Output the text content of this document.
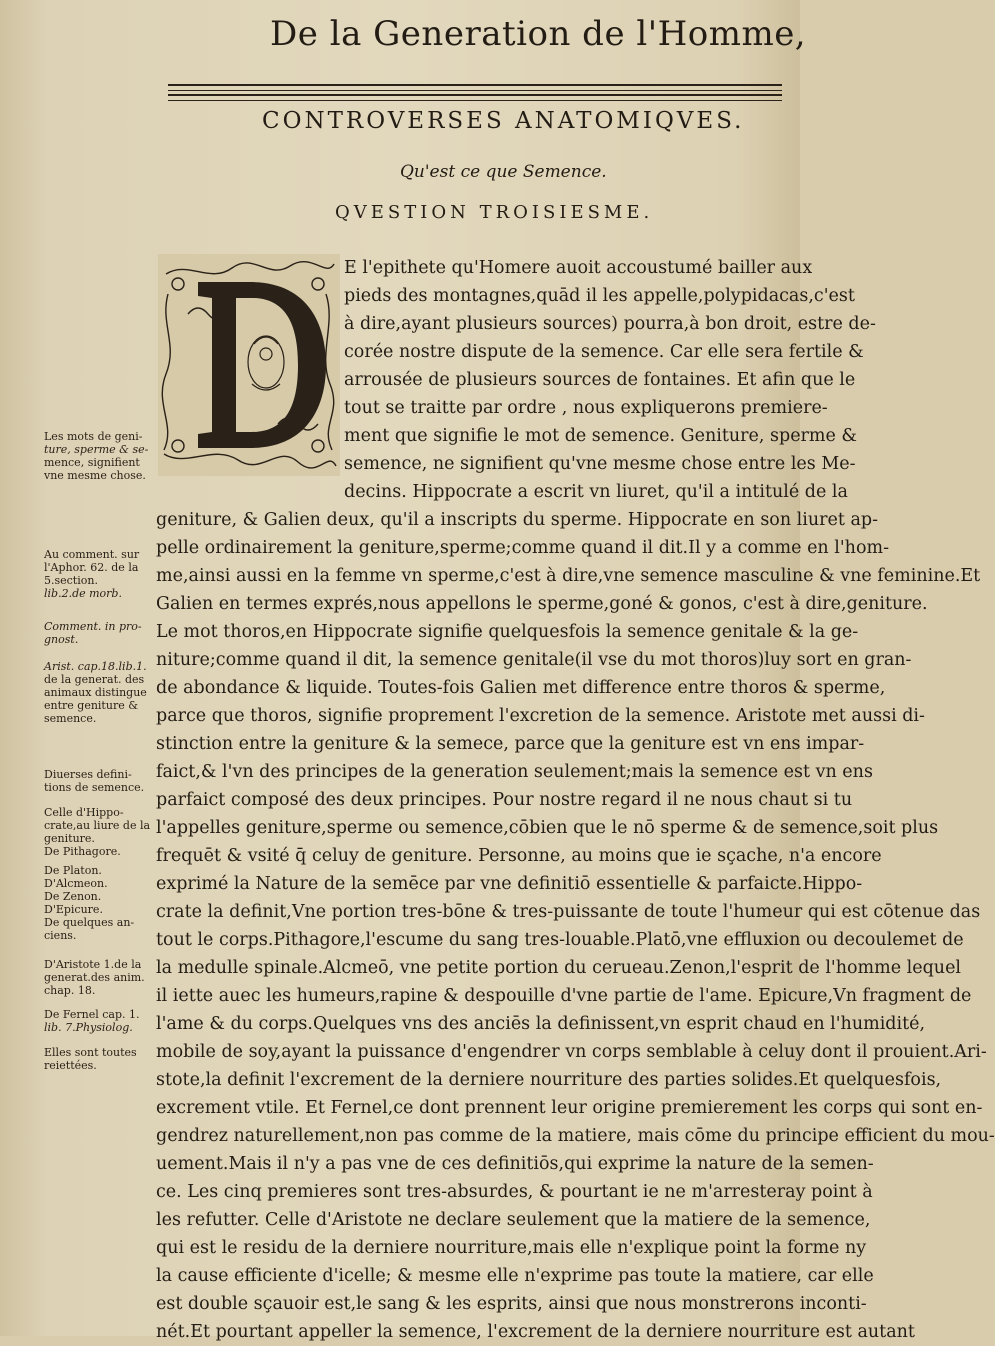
De la Generation de l'Homme,
CONTROVERSES ANATOMIQVES.
Qu'est ce que Semence.
QVESTION TROISIESME.
E l'epithete qu'Homere auoit accoustumé bailler aux
pieds des montagnes,quād il les appelle,polypidacas,c'est
à dire,ayant plusieurs sources) pourra,à bon droit, estre de-
corée nostre dispute de la semence. Car elle sera fertile &
arrousée de plusieurs sources de fontaines. Et afin que le
tout se traitte par ordre , nous expliquerons premiere-
ment que signifie le mot de semence. Geniture, sperme &
semence, ne signifient qu'vne mesme chose entre les Me-
decins. Hippocrate a escrit vn liuret, qu'il a intitulé de la
geniture, & Galien deux, qu'il a inscripts du sperme. Hippocrate en son liuret ap-
pelle ordinairement la geniture,sperme;comme quand il dit.Il y a comme en l'hom-
me,ainsi aussi en la femme vn sperme,c'est à dire,vne semence masculine & vne feminine.Et
Galien en termes exprés,nous appellons le sperme,goné & gonos, c'est à dire,geniture.
Le mot thoros,en Hippocrate signifie quelquesfois la semence genitale & la ge-
niture;comme quand il dit, la semence genitale(il vse du mot thoros)luy sort en gran-
de abondance & liquide. Toutes-fois Galien met difference entre thoros & sperme,
parce que thoros, signifie proprement l'excretion de la semence. Aristote met aussi di-
stinction entre la geniture & la semece, parce que la geniture est vn ens impar-
faict,& l'vn des principes de la generation seulement;mais la semence est vn ens
parfaict composé des deux principes. Pour nostre regard il ne nous chaut si tu
l'appelles geniture,sperme ou semence,cōbien que le nō sperme & de semence,soit plus
frequēt & vsité q̄ celuy de geniture. Personne, au moins que ie sçache, n'a encore
exprimé la Nature de la semēce par vne definitiō essentielle & parfaicte.Hippo-
crate la definit,Vne portion tres-bōne & tres-puissante de toute l'humeur qui est cōtenue das
tout le corps.Pithagore,l'escume du sang tres-louable.Platō,vne effluxion ou decoulemet de
la medulle spinale.Alcmeō, vne petite portion du cerueau.Zenon,l'esprit de l'homme lequel
il iette auec les humeurs,rapine & despouille d'vne partie de l'ame. Epicure,Vn fragment de
l'ame & du corps.Quelques vns des anciēs la definissent,vn esprit chaud en l'humidité,
mobile de soy,ayant la puissance d'engendrer vn corps semblable à celuy dont il prouient.Ari-
stote,la definit l'excrement de la derniere nourriture des parties solides.Et quelquesfois,
excrement vtile. Et Fernel,ce dont prennent leur origine premierement les corps qui sont en-
gendrez naturellement,non pas comme de la matiere, mais cōme du principe efficient du mou-
uement.Mais il n'y a pas vne de ces definitiōs,qui exprime la nature de la semen-
ce. Les cinq premieres sont tres-absurdes, & pourtant ie ne m'arresteray point à
les refutter. Celle d'Aristote ne declare seulement que la matiere de la semence,
qui est le residu de la derniere nourriture,mais elle n'explique point la forme ny
la cause efficiente d'icelle; & mesme elle n'exprime pas toute la matiere, car elle
est double sçauoir est,le sang & les esprits, ainsi que nous monstrerons inconti-
nét.Et pourtant appeller la semence, l'excrement de la derniere nourriture est autant
Les mots de geni-
ture, sperme & se-
mence, signifient
vne mesme chose.
Au comment. sur
l'Aphor. 62. de la
5.section.
lib.2.de morb.
Comment. in pro-
gnost.
Arist. cap.18.lib.1.
de la generat. des
animaux distingue
entre geniture &
semence.
Diuerses defini-
tions de semence.
Celle d'Hippo-
crate,au liure de la
geniture.
De Pithagore.
De Platon.
D'Alcmeon.
De Zenon.
D'Epicure.
De quelques an-
ciens.
D'Aristote 1.de la
generat.des anim.
chap. 18.
De Fernel cap. 1.
lib. 7.Physiolog.
Elles sont toutes
reiettées.
